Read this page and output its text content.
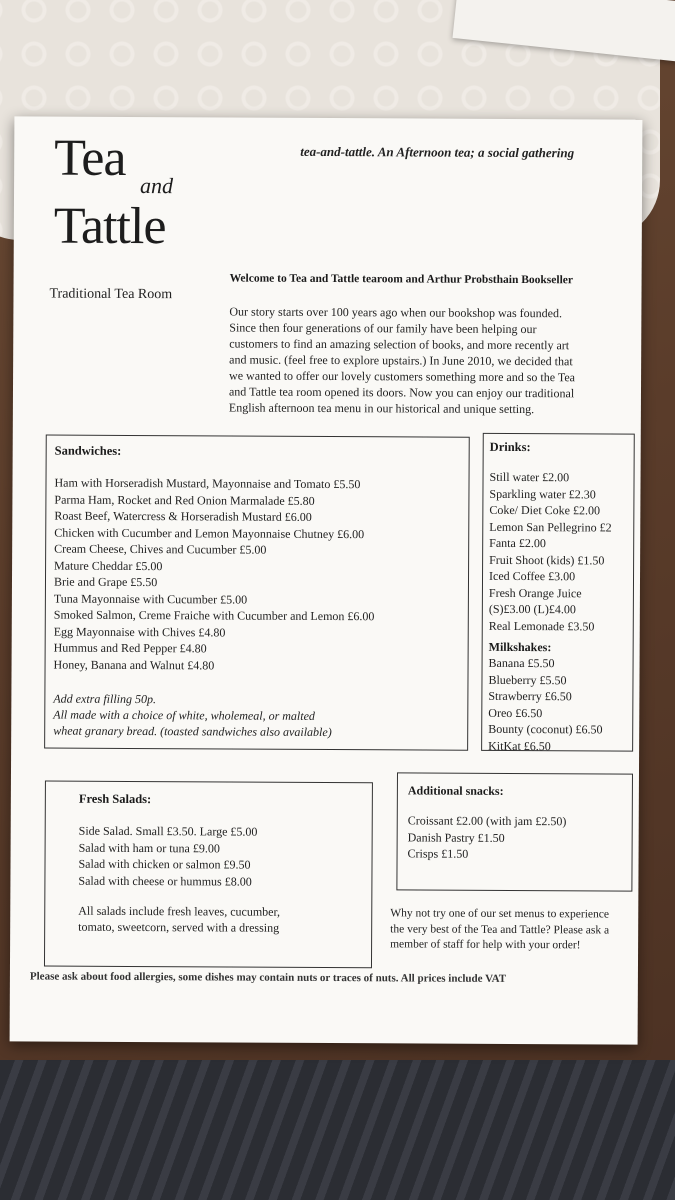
Tea and
Tattle
Traditional Tea Room
tea-and-tattle. An Afternoon tea; a social gathering
Welcome to Tea and Tattle tearoom and Arthur Probsthain Bookseller
Our story starts over 100 years ago when our bookshop was founded.
Since then four generations of our family have been helping our
customers to find an amazing selection of books, and more recently art
and music. (feel free to explore upstairs.) In June 2010, we decided that
we wanted to offer our lovely customers something more and so the Tea
and Tattle tea room opened its doors. Now you can enjoy our traditional
English afternoon tea menu in our historical and unique setting.
Sandwiches:
Ham with Horseradish Mustard, Mayonnaise and Tomato £5.50
Parma Ham, Rocket and Red Onion Marmalade £5.80
Roast Beef, Watercress & Horseradish Mustard £6.00
Chicken with Cucumber and Lemon Mayonnaise Chutney £6.00
Cream Cheese, Chives and Cucumber £5.00
Mature Cheddar £5.00
Brie and Grape £5.50
Tuna Mayonnaise with Cucumber £5.00
Smoked Salmon, Creme Fraiche with Cucumber and Lemon £6.00
Egg Mayonnaise with Chives £4.80
Hummus and Red Pepper £4.80
Honey, Banana and Walnut £4.80
Add extra filling 50p.
All made with a choice of white, wholemeal, or malted
wheat granary bread. (toasted sandwiches also available)
Drinks:
Still water £2.00
Sparkling water £2.30
Coke/ Diet Coke £2.00
Lemon San Pellegrino £2
Fanta £2.00
Fruit Shoot (kids) £1.50
Iced Coffee £3.00
Fresh Orange Juice
(S)£3.00 (L)£4.00
Real Lemonade £3.50
Milkshakes:
Banana £5.50
Blueberry £5.50
Strawberry £6.50
Oreo £6.50
Bounty (coconut) £6.50
KitKat £6.50
Fresh Salads:
Side Salad. Small £3.50. Large £5.00
Salad with ham or tuna £9.00
Salad with chicken or salmon £9.50
Salad with cheese or hummus £8.00
All salads include fresh leaves, cucumber,
tomato, sweetcorn, served with a dressing
Additional snacks:
Croissant £2.00 (with jam £2.50)
Danish Pastry £1.50
Crisps £1.50
Why not try one of our set menus to experience
the very best of the Tea and Tattle? Please ask a
member of staff for help with your order!
Please ask about food allergies, some dishes may contain nuts or traces of nuts. All prices include VAT
